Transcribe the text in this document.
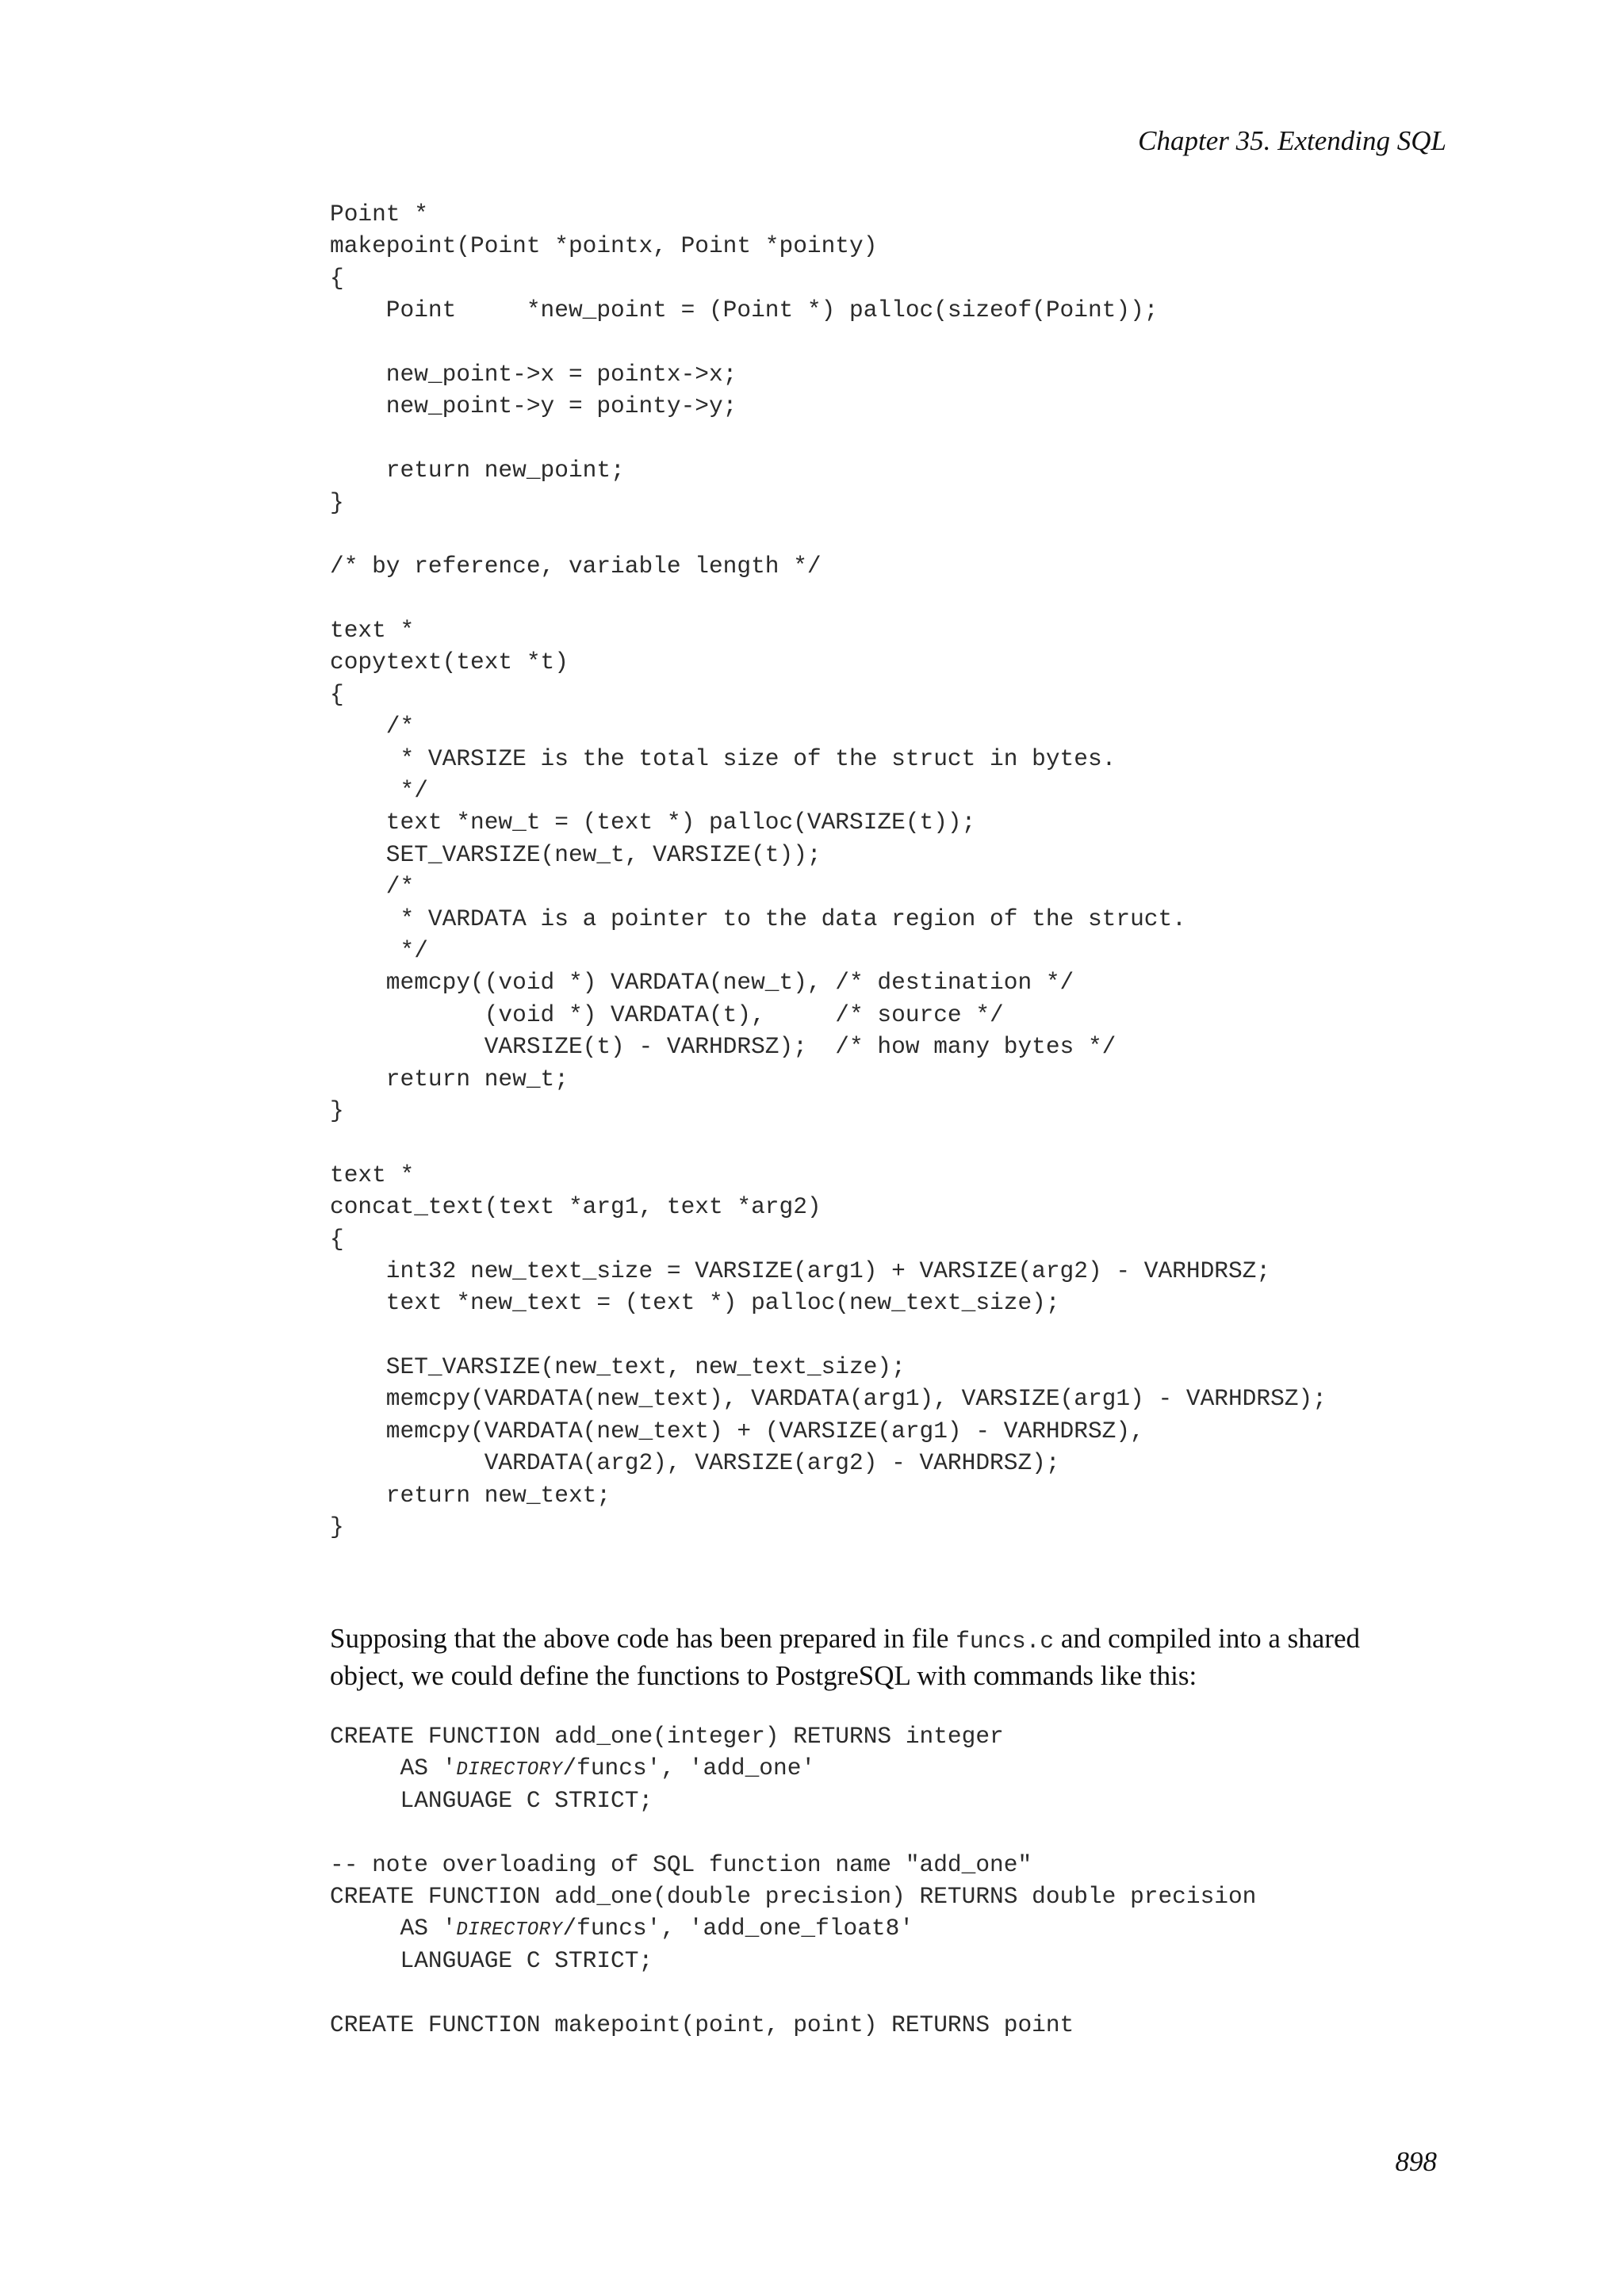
Chapter 35. Extending SQL
Point *
makepoint(Point *pointx, Point *pointy)
{
Point     *new_point = (Point *) palloc(sizeof(Point));
new_point->x = pointx->x;
new_point->y = pointy->y;
return new_point;
}
/* by reference, variable length */
text *
copytext(text *t)
{
/*
* VARSIZE is the total size of the struct in bytes.
*/
text *new_t = (text *) palloc(VARSIZE(t));
SET_VARSIZE(new_t, VARSIZE(t));
/*
* VARDATA is a pointer to the data region of the struct.
*/
memcpy((void *) VARDATA(new_t), /* destination */
(void *) VARDATA(t),     /* source */
VARSIZE(t) - VARHDRSZ);  /* how many bytes */
return new_t;
}
text *
concat_text(text *arg1, text *arg2)
{
int32 new_text_size = VARSIZE(arg1) + VARSIZE(arg2) - VARHDRSZ;
text *new_text = (text *) palloc(new_text_size);
SET_VARSIZE(new_text, new_text_size);
memcpy(VARDATA(new_text), VARDATA(arg1), VARSIZE(arg1) - VARHDRSZ);
memcpy(VARDATA(new_text) + (VARSIZE(arg1) - VARHDRSZ),
VARDATA(arg2), VARSIZE(arg2) - VARHDRSZ);
return new_text;
}

Supposing that the above code has been prepared in file funcs.c and compiled into a shared object, we could define the functions to PostgreSQL with commands like this:

CREATE FUNCTION add_one(integer) RETURNS integer
AS 'DIRECTORY/funcs', 'add_one'
LANGUAGE C STRICT;
-- note overloading of SQL function name "add_one"
CREATE FUNCTION add_one(double precision) RETURNS double precision
AS 'DIRECTORY/funcs', 'add_one_float8'
LANGUAGE C STRICT;
CREATE FUNCTION makepoint(point, point) RETURNS point
898
